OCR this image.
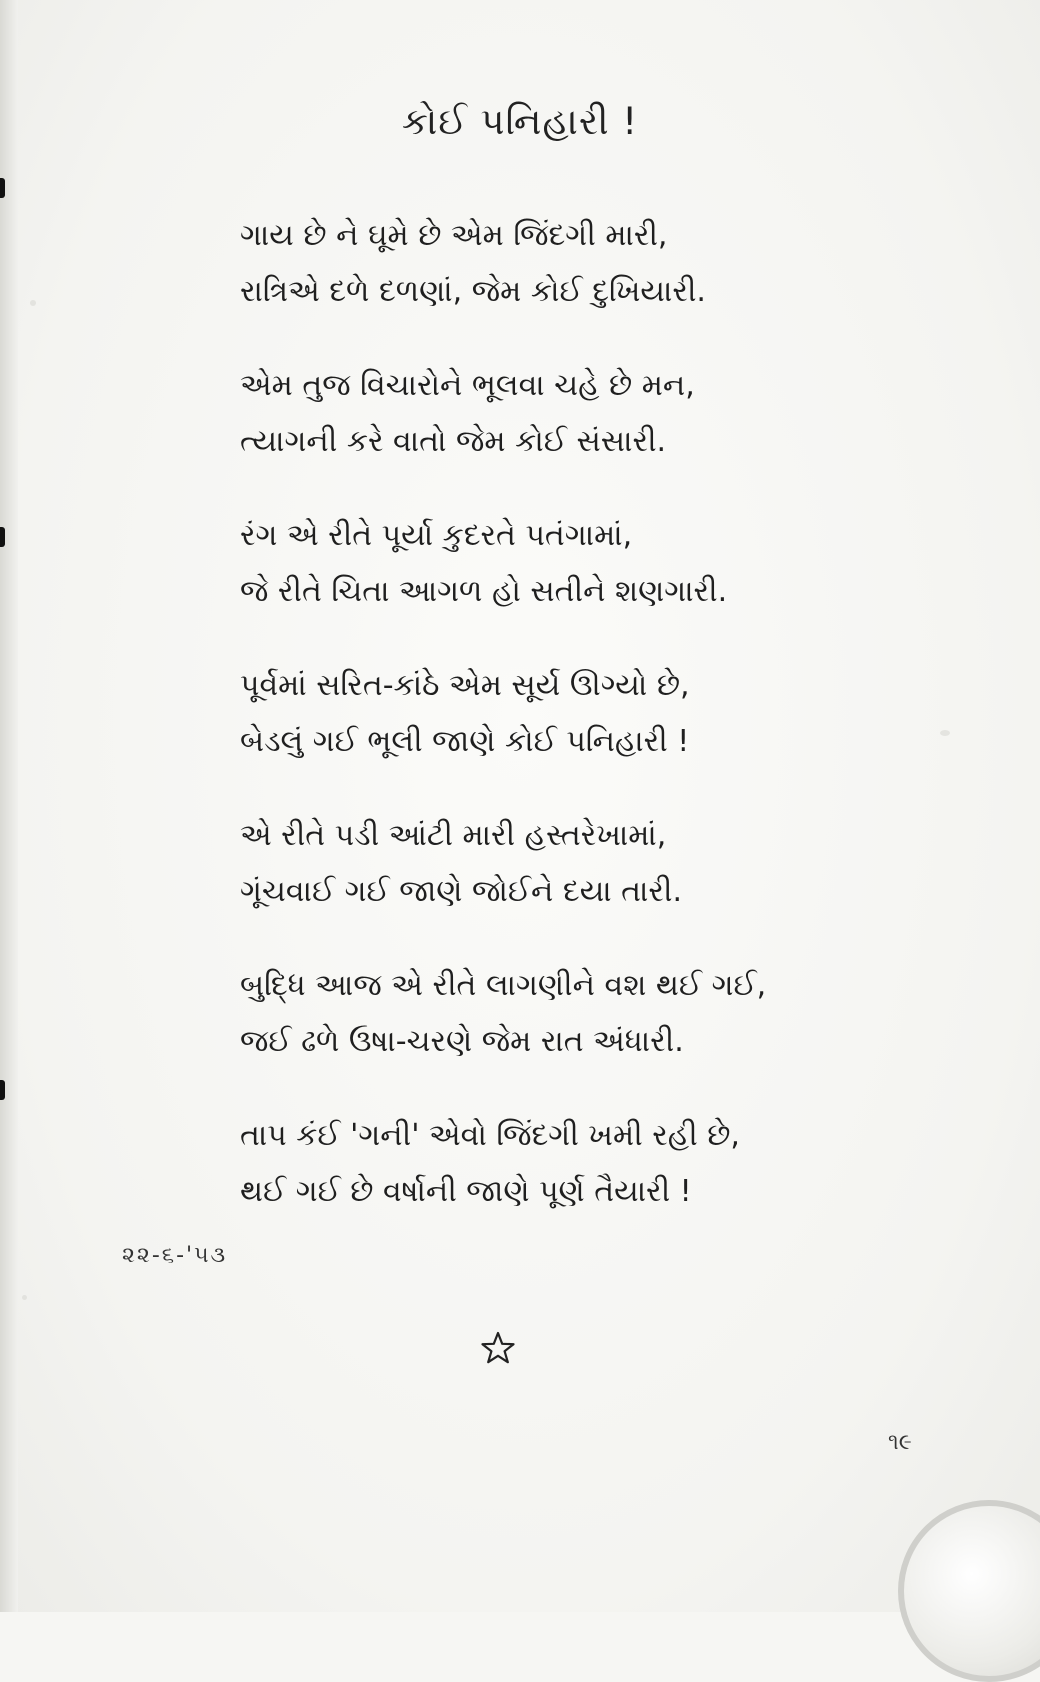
કોઈ પનિહારી !
ગાય છે ને ઘૂમે છે એમ જિંદગી મારી,
રાત્રિએ દળે દળણાં, જેમ કોઈ દુખિયારી.
એમ તુજ વિચારોને ભૂલવા ચહે છે મન,
ત્યાગની કરે વાતો જેમ કોઈ સંસારી.
રંગ એ રીતે પૂર્યા કુદરતે પતંગામાં,
જે રીતે ચિતા આગળ હો સતીને શણગારી.
પૂર્વમાં સરિત-કાંઠે એમ સૂર્ય ઊગ્યો છે,
બેડલું ગઈ ભૂલી જાણે કોઈ પનિહારી !
એ રીતે પડી આંટી મારી હસ્તરેખામાં,
ગૂંચવાઈ ગઈ જાણે જોઈને દયા તારી.
બુદ્ધિ આજ એ રીતે લાગણીને વશ થઈ ગઈ,
જઈ ઢળે ઉષા-ચરણે જેમ રાત અંધારી.
તાપ કંઈ 'ગની' એવો જિંદગી ખમી રહી છે,
થઈ ગઈ છે વર્ષાની જાણે પૂર્ણ તૈયારી !
૨૨-૬-'૫૩
૧૯
